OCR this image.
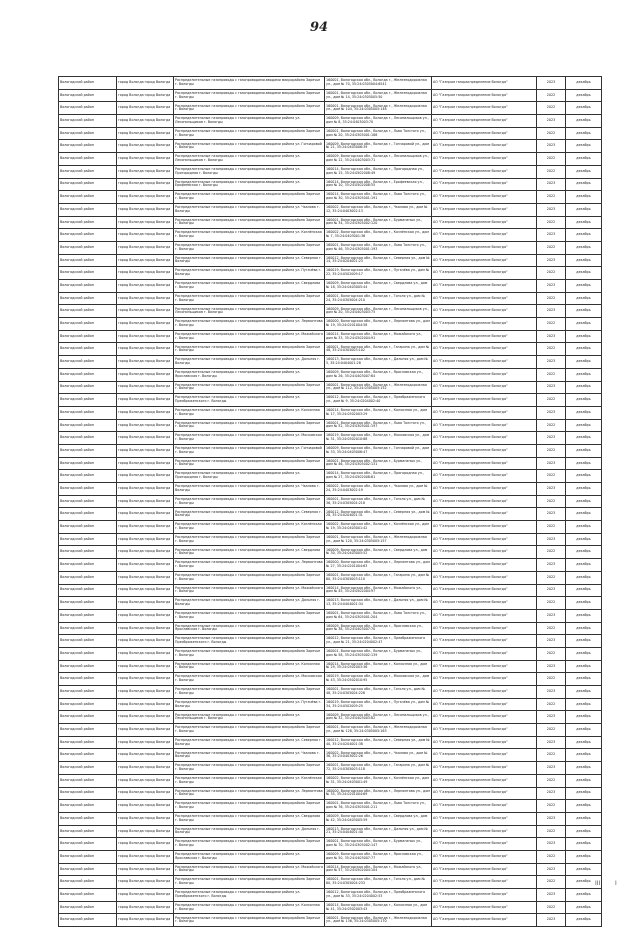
94
Вологодский район	город Вологда город Вологда	Распределительные газопроводы с газопроводами-вводами микрорайона Заречье г. Вологды	160001, Вологодская обл., Вологда г., Железнодорожная ул., дом № 70, 35:24:0305004:6541	АО "Газпром газораспределение Вологда"	2023	декабрь
Вологодский район	город Вологда город Вологда	Распределительные газопроводы с газопроводами-вводами микрорайона Заречье г. Вологды	160001, Вологодская обл., Вологда г., Железнодорожная ул., дом № 14, 35:24:0305005:50	АО "Газпром газораспределение Вологда"	2022	декабрь
Вологодский район	город Вологда город Вологда	Распределительные газопроводы с газопроводами-вводами микрорайона Заречье г. Вологды	160001, Вологодская обл., Вологда г., Железнодорожная ул., дом № 104, 35:24:0305005:148	АО "Газпром газораспределение Вологда"	2022	декабрь
Вологодский район	город Вологда город Вологда	Распределительные газопроводы с газопроводами-вводами района ул. Лесопильщиков г. Вологды	160009, Вологодская обл., Вологда г., Лесопильщиков ул., дом № 8, 35:24:0403003:70	АО "Газпром газораспределение Вологда"	2023	декабрь
Вологодский район	город Вологда город Вологда	Распределительные газопроводы с газопроводами-вводами микрорайона Заречье г. Вологды	160001, Вологодская обл., Вологда г., Льва Толстого ул., дом № 20, 35:24:0305001:188	АО "Газпром газораспределение Вологда"	2022	декабрь
Вологодский район	город Вологда город Вологда	Распределительные газопроводы с газопроводами-вводами района ул. Гончаровой г. Вологды	160009, Вологодская обл., Вологда г., Гончаровой ул., дом № 21, 35:24:0403006:39	АО "Газпром газораспределение Вологда"	2023	декабрь
Вологодский район	город Вологда город Вологда	Распределительные газопроводы с газопроводами-вводами района ул. Лесопильщиков г. Вологды	160009, Вологодская обл., Вологда г., Лесопильщиков ул., дом № 12, 35:24:0403003:71	АО "Газпром газораспределение Вологда"	2022	декабрь
Вологодский район	город Вологда город Вологда	Распределительные газопроводы с газопроводами-вводами района ул. Пригородная г. Вологды	160014, Вологодская обл., Вологда г., Пригородная ул., дом № 15, 35:24:0502008:49	АО "Газпром газораспределение Вологда"	2022	декабрь
Вологодский район	город Вологда город Вологда	Распределительные газопроводы с газопроводами-вводами района ул. Ерофеевская г. Вологды	160014, Вологодская обл., Вологда г., Ерофеевская ул., дом № 10, 35:24:0502008:55	АО "Газпром газораспределение Вологда"	2023	декабрь
Вологодский район	город Вологда город Вологда	Распределительные газопроводы с газопроводами-вводами микрорайона Заречье г. Вологды	160014, Вологодская обл., Вологда г., Льва Толстого ул., дом № 30, 35:24:0305001:191	АО "Газпром газораспределение Вологда"	2022	декабрь
Вологодский район	город Вологда город Вологда	Распределительные газопроводы с газопроводами-вводами района ул. Чкалова г. Вологды	160002, Вологодская обл., Вологда г., Чкалова ул., дом № 12, 35:24:0403002:13	АО "Газпром газораспределение Вологда"	2023	декабрь
Вологодский район	город Вологда город Вологда	Распределительные газопроводы с газопроводами-вводами микрорайона Заречье г. Вологды	160001, Вологодская обл., Вологда г., Бурмагиных ул., дом № 34, 35:24:0305002:120	АО "Газпром газораспределение Вологда"	2022	декабрь
Вологодский район	город Вологда город Вологда	Распределительные газопроводы с газопроводами-вводами района ул. Козлёнская г. Вологды	160002, Вологодская обл., Вологда г., Козлёнская ул., дом № 7, 35:24:0403001:36	АО "Газпром газораспределение Вологда"	2023	декабрь
Вологодский район	город Вологда город Вологда	Распределительные газопроводы с газопроводами-вводами микрорайона Заречье г. Вологды	160001, Вологодская обл., Вологда г., Льва Толстого ул., дом № 46, 35:24:0305001:193	АО "Газпром газораспределение Вологда"	2022	декабрь
Вологодский район	город Вологда город Вологда	Распределительные газопроводы с газопроводами-вводами района ул. Северная г. Вологды	160012, Вологодская обл., Вологда г., Северная ул., дом № 14, 35:24:0204001:23	АО "Газпром газораспределение Вологда"	2023	декабрь
Вологодский район	город Вологда город Вологда	Распределительные газопроводы с газопроводами-вводами района ул. Пугачёва г. Вологды	160019, Вологодская обл., Вологда г., Пугачёва ул., дом № 22, 35:24:0502009:17	АО "Газпром газораспределение Вологда"	2022	декабрь
Вологодский район	город Вологда город Вологда	Распределительные газопроводы с газопроводами-вводами района ул. Свердлова г. Вологды	160009, Вологодская обл., Вологда г., Свердлова ул., дом № 18, 35:24:0403005:44	АО "Газпром газораспределение Вологда"	2023	декабрь
Вологодский район	город Вологда город Вологда	Распределительные газопроводы с газопроводами-вводами микрорайона Заречье г. Вологды	160001, Вологодская обл., Вологда г., Гоголя ул., дом № 24, 35:24:0305004:210	АО "Газпром газораспределение Вологда"	2022	декабрь
Вологодский район	город Вологда город Вологда	Распределительные газопроводы с газопроводами-вводами района ул. Лесопильщиков г. Вологды	160009, Вологодская обл., Вологда г., Лесопильщиков ул., дом № 20, 35:24:0403003:75	АО "Газпром газораспределение Вологда"	2023	декабрь
Вологодский район	город Вологда город Вологда	Распределительные газопроводы с газопроводами-вводами района ул. Лермонтова г. Вологды	160000, Вологодская обл., Вологда г., Лермонтова ул., дом № 19, 35:24:0201004:58	АО "Газпром газораспределение Вологда"	2022	декабрь
Вологодский район	город Вологда город Вологда	Распределительные газопроводы с газопроводами-вводами района ул. Можайского г. Вологды	160014, Вологодская обл., Вологда г., Можайского ул., дом № 33, 35:24:0502004:91	АО "Газпром газораспределение Вологда"	2023	декабрь
Вологодский район	город Вологда город Вологда	Распределительные газопроводы с газопроводами-вводами микрорайона Заречье г. Вологды	160001, Вологодская обл., Вологда г., Гагарина ул., дом № 48, 35:24:0305003:102	АО "Газпром газораспределение Вологда"	2022	декабрь
Вологодский район	город Вологда город Вологда	Распределительные газопроводы с газопроводами-вводами района ул. Дальняя г. Вологды	160013, Вологодская обл., Вологда г., Дальняя ул., дом № 5, 35:24:0404001:28	АО "Газпром газораспределение Вологда"	2023	декабрь
Вологодский район	город Вологда город Вологда	Распределительные газопроводы с газопроводами-вводами района ул. Ярославская г. Вологды	160009, Вологодская обл., Вологда г., Ярославская ул., дом № 26, 35:24:0403007:64	АО "Газпром газораспределение Вологда"	2022	декабрь
Вологодский район	город Вологда город Вологда	Распределительные газопроводы с газопроводами-вводами микрорайона Заречье г. Вологды	160001, Вологодская обл., Вологда г., Железнодорожная ул., дом № 112, 35:24:0305005:152	АО "Газпром газораспределение Вологда"	2023	декабрь
Вологодский район	город Вологда город Вологда	Распределительные газопроводы с газопроводами-вводами района ул. Преображенского г. Вологды	160012, Вологодская обл., Вологда г., Преображенского ул., дом № 9, 35:24:0204002:40	АО "Газпром газораспределение Вологда"	2022	декабрь
Вологодский район	город Вологда город Вологда	Распределительные газопроводы с газопроводами-вводами района ул. Колхозная г. Вологды	160014, Вологодская обл., Вологда г., Колхозная ул., дом № 17, 35:24:0502003:29	АО "Газпром газораспределение Вологда"	2023	декабрь
Вологодский район	город Вологда город Вологда	Распределительные газопроводы с газопроводами-вводами микрорайона Заречье г. Вологды	160001, Вологодская обл., Вологда г., Льва Толстого ул., дом № 52, 35:24:0305001:197	АО "Газпром газораспределение Вологда"	2022	декабрь
Вологодский район	город Вологда город Вологда	Распределительные газопроводы с газопроводами-вводами района ул. Московская г. Вологды	160019, Вологодская обл., Вологда г., Московская ул., дом № 31, 35:24:0502010:88	АО "Газпром газораспределение Вологда"	2023	декабрь
Вологодский район	город Вологда город Вологда	Распределительные газопроводы с газопроводами-вводами района ул. Гончаровой г. Вологды	160009, Вологодская обл., Вологда г., Гончаровой ул., дом № 33, 35:24:0403006:47	АО "Газпром газораспределение Вологда"	2022	декабрь
Вологодский район	город Вологда город Вологда	Распределительные газопроводы с газопроводами-вводами микрорайона Заречье г. Вологды	160001, Вологодская обл., Вологда г., Бурмагиных ул., дом № 46, 35:24:0305002:131	АО "Газпром газораспределение Вологда"	2023	декабрь
Вологодский район	город Вологда город Вологда	Распределительные газопроводы с газопроводами-вводами района ул. Пригородная г. Вологды	160014, Вологодская обл., Вологда г., Пригородная ул., дом № 27, 35:24:0502008:61	АО "Газпром газораспределение Вологда"	2022	декабрь
Вологодский район	город Вологда город Вологда	Распределительные газопроводы с газопроводами-вводами района ул. Чкалова г. Вологды	160002, Вологодская обл., Вологда г., Чкалова ул., дом № 24, 35:24:0403002:19	АО "Газпром газораспределение Вологда"	2023	декабрь
Вологодский район	город Вологда город Вологда	Распределительные газопроводы с газопроводами-вводами микрорайона Заречье г. Вологды	160001, Вологодская обл., Вологда г., Гоголя ул., дом № 36, 35:24:0305004:218	АО "Газпром газораспределение Вологда"	2022	декабрь
Вологодский район	город Вологда город Вологда	Распределительные газопроводы с газопроводами-вводами района ул. Северная г. Вологды	160012, Вологодская обл., Вологда г., Северная ул., дом № 28, 35:24:0204001:31	АО "Газпром газораспределение Вологда"	2023	декабрь
Вологодский район	город Вологда город Вологда	Распределительные газопроводы с газопроводами-вводами района ул. Козлёнская г. Вологды	160002, Вологодская обл., Вологда г., Козлёнская ул., дом № 19, 35:24:0403001:42	АО "Газпром газораспределение Вологда"	2022	декабрь
Вологодский район	город Вологда город Вологда	Распределительные газопроводы с газопроводами-вводами микрорайона Заречье г. Вологды	160001, Вологодская обл., Вологда г., Железнодорожная ул., дом № 120, 35:24:0305005:157	АО "Газпром газораспределение Вологда"	2023	декабрь
Вологодский район	город Вологда город Вологда	Распределительные газопроводы с газопроводами-вводами района ул. Свердлова г. Вологды	160009, Вологодская обл., Вологда г., Свердлова ул., дом № 30, 35:24:0403005:52	АО "Газпром газораспределение Вологда"	2022	декабрь
Вологодский район	город Вологда город Вологда	Распределительные газопроводы с газопроводами-вводами района ул. Лермонтова г. Вологды	160000, Вологодская обл., Вологда г., Лермонтова ул., дом № 27, 35:24:0201004:63	АО "Газпром газораспределение Вологда"	2023	декабрь
Вологодский район	город Вологда город Вологда	Распределительные газопроводы с газопроводами-вводами микрорайона Заречье г. Вологды	160001, Вологодская обл., Вологда г., Гагарина ул., дом № 60, 35:24:0305003:110	АО "Газпром газораспределение Вологда"	2022	декабрь
Вологодский район	город Вологда город Вологда	Распределительные газопроводы с газопроводами-вводами района ул. Можайского г. Вологды	160014, Вологодская обл., Вологда г., Можайского ул., дом № 45, 35:24:0502004:97	АО "Газпром газораспределение Вологда"	2023	декабрь
Вологодский район	город Вологда город Вологда	Распределительные газопроводы с газопроводами-вводами района ул. Дальняя г. Вологды	160013, Вологодская обл., Вологда г., Дальняя ул., дом № 13, 35:24:0404001:34	АО "Газпром газораспределение Вологда"	2022	декабрь
Вологодский район	город Вологда город Вологда	Распределительные газопроводы с газопроводами-вводами микрорайона Заречье г. Вологды	160001, Вологодская обл., Вологда г., Льва Толстого ул., дом № 64, 35:24:0305001:204	АО "Газпром газораспределение Вологда"	2023	декабрь
Вологодский район	город Вологда город Вологда	Распределительные газопроводы с газопроводами-вводами района ул. Ярославская г. Вологды	160009, Вологодская обл., Вологда г., Ярославская ул., дом № 38, 35:24:0403007:70	АО "Газпром газораспределение Вологда"	2022	декабрь
Вологодский район	город Вологда город Вологда	Распределительные газопроводы с газопроводами-вводами района ул. Преображенского г. Вологды	160012, Вологодская обл., Вологда г., Преображенского ул., дом № 21, 35:24:0204002:47	АО "Газпром газораспределение Вологда"	2023	декабрь
Вологодский район	город Вологда город Вологда	Распределительные газопроводы с газопроводами-вводами микрорайона Заречье г. Вологды	160001, Вологодская обл., Вологда г., Бурмагиных ул., дом № 58, 35:24:0305002:139	АО "Газпром газораспределение Вологда"	2022	декабрь
Вологодский район	город Вологда город Вологда	Распределительные газопроводы с газопроводами-вводами района ул. Колхозная г. Вологды	160014, Вологодская обл., Вологда г., Колхозная ул., дом № 29, 35:24:0502003:36	АО "Газпром газораспределение Вологда"	2023	декабрь
Вологодский район	город Вологда город Вологда	Распределительные газопроводы с газопроводами-вводами района ул. Московская г. Вологды	160019, Вологодская обл., Вологда г., Московская ул., дом № 43, 35:24:0502010:95	АО "Газпром газораспределение Вологда"	2022	декабрь
Вологодский район	город Вологда город Вологда	Распределительные газопроводы с газопроводами-вводами микрорайона Заречье г. Вологды	160001, Вологодская обл., Вологда г., Гоголя ул., дом № 48, 35:24:0305004:226	АО "Газпром газораспределение Вологда"	2023	декабрь
Вологодский район	город Вологда город Вологда	Распределительные газопроводы с газопроводами-вводами района ул. Пугачёва г. Вологды	160019, Вологодская обл., Вологда г., Пугачёва ул., дом № 34, 35:24:0502009:25	АО "Газпром газораспределение Вологда"	2022	декабрь
Вологодский район	город Вологда город Вологда	Распределительные газопроводы с газопроводами-вводами района ул. Лесопильщиков г. Вологды	160009, Вологодская обл., Вологда г., Лесопильщиков ул., дом № 32, 35:24:0403003:82	АО "Газпром газораспределение Вологда"	2023	декабрь
Вологодский район	город Вологда город Вологда	Распределительные газопроводы с газопроводами-вводами микрорайона Заречье г. Вологды	160001, Вологодская обл., Вологда г., Железнодорожная ул., дом № 128, 35:24:0305005:163	АО "Газпром газораспределение Вологда"	2022	декабрь
Вологодский район	город Вологда город Вологда	Распределительные газопроводы с газопроводами-вводами района ул. Северная г. Вологды	160012, Вологодская обл., Вологда г., Северная ул., дом № 40, 35:24:0204001:38	АО "Газпром газораспределение Вологда"	2023	декабрь
Вологодский район	город Вологда город Вологда	Распределительные газопроводы с газопроводами-вводами района ул. Чкалова г. Вологды	160002, Вологодская обл., Вологда г., Чкалова ул., дом № 36, 35:24:0403002:26	АО "Газпром газораспределение Вологда"	2022	декабрь
Вологодский район	город Вологда город Вологда	Распределительные газопроводы с газопроводами-вводами микрорайона Заречье г. Вологды	160001, Вологодская обл., Вологда г., Гагарина ул., дом № 72, 35:24:0305003:118	АО "Газпром газораспределение Вологда"	2023	декабрь
Вологодский район	город Вологда город Вологда	Распределительные газопроводы с газопроводами-вводами района ул. Козлёнская г. Вологды	160002, Вологодская обл., Вологда г., Козлёнская ул., дом № 31, 35:24:0403001:49	АО "Газпром газораспределение Вологда"	2022	декабрь
Вологодский район	город Вологда город Вологда	Распределительные газопроводы с газопроводами-вводами района ул. Лермонтова г. Вологды	160000, Вологодская обл., Вологда г., Лермонтова ул., дом № 35, 35:24:0201004:69	АО "Газпром газораспределение Вологда"	2023	декабрь
Вологодский район	город Вологда город Вологда	Распределительные газопроводы с газопроводами-вводами микрорайона Заречье г. Вологды	160001, Вологодская обл., Вологда г., Льва Толстого ул., дом № 76, 35:24:0305001:211	АО "Газпром газораспределение Вологда"	2022	декабрь
Вологодский район	город Вологда город Вологда	Распределительные газопроводы с газопроводами-вводами района ул. Свердлова г. Вологды	160009, Вологодская обл., Вологда г., Свердлова ул., дом № 42, 35:24:0403005:59	АО "Газпром газораспределение Вологда"	2023	декабрь
Вологодский район	город Вологда город Вологда	Распределительные газопроводы с газопроводами-вводами района ул. Дальняя г. Вологды	160013, Вологодская обл., Вологда г., Дальняя ул., дом № 21, 35:24:0404001:40	АО "Газпром газораспределение Вологда"	2022	декабрь
Вологодский район	город Вологда город Вологда	Распределительные газопроводы с газопроводами-вводами микрорайона Заречье г. Вологды	160001, Вологодская обл., Вологда г., Бурмагиных ул., дом № 70, 35:24:0305002:147	АО "Газпром газораспределение Вологда"	2023	декабрь
Вологодский район	город Вологда город Вологда	Распределительные газопроводы с газопроводами-вводами района ул. Ярославская г. Вологды	160009, Вологодская обл., Вологда г., Ярославская ул., дом № 50, 35:24:0403007:77	АО "Газпром газораспределение Вологда"	2022	декабрь
Вологодский район	город Вологда город Вологда	Распределительные газопроводы с газопроводами-вводами района ул. Можайского г. Вологды	160014, Вологодская обл., Вологда г., Можайского ул., дом № 57, 35:24:0502004:104	АО "Газпром газораспределение Вологда"	2023	декабрь
Вологодский район	город Вологда город Вологда	Распределительные газопроводы с газопроводами-вводами микрорайона Заречье г. Вологды	160001, Вологодская обл., Вологда г., Гоголя ул., дом № 60, 35:24:0305004:233	АО "Газпром газораспределение Вологда"	2022	декабрь
Вологодский район	город Вологда город Вологда	Распределительные газопроводы с газопроводами-вводами района ул. Преображенского г. Вологды	160012, Вологодская обл., Вологда г., Преображенского ул., дом № 33, 35:24:0204002:53	АО "Газпром газораспределение Вологда"	2023	декабрь
Вологодский район	город Вологда город Вологда	Распределительные газопроводы с газопроводами-вводами района ул. Колхозная г. Вологды	160014, Вологодская обл., Вологда г., Колхозная ул., дом № 41, 35:24:0502003:43	АО "Газпром газораспределение Вологда"	2022	декабрь
Вологодский район	город Вологда город Вологда	Распределительные газопроводы с газопроводами-вводами микрорайона Заречье г. Вологды	160001, Вологодская обл., Вологда г., Железнодорожная ул., дом № 136, 35:24:0305005:170	АО "Газпром газораспределение Вологда"	2023	декабрь
III I
